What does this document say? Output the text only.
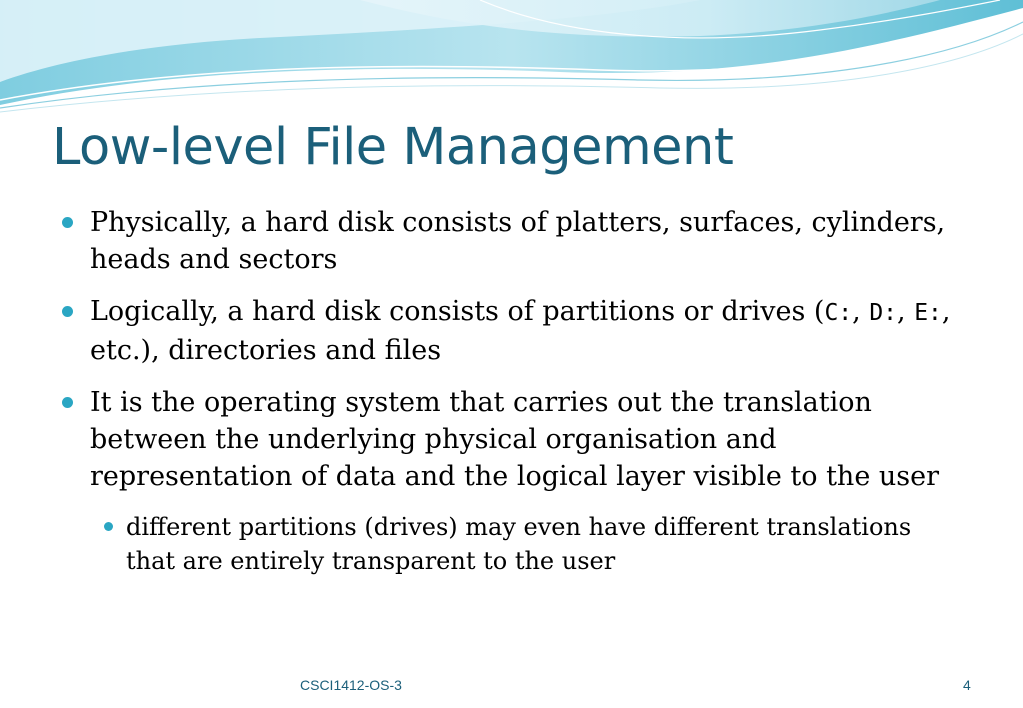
Low-level File Management
Physically, a hard disk consists of platters, surfaces, cylinders, heads and sectors
Logically, a hard disk consists of partitions or drives (C:, D:, E:, etc.), directories and files
It is the operating system that carries out the translation between the underlying physical organisation and representation of data and the logical layer visible to the user
different partitions (drives) may even have different translations that are entirely transparent to the user
CSCI1412-OS-3	4
